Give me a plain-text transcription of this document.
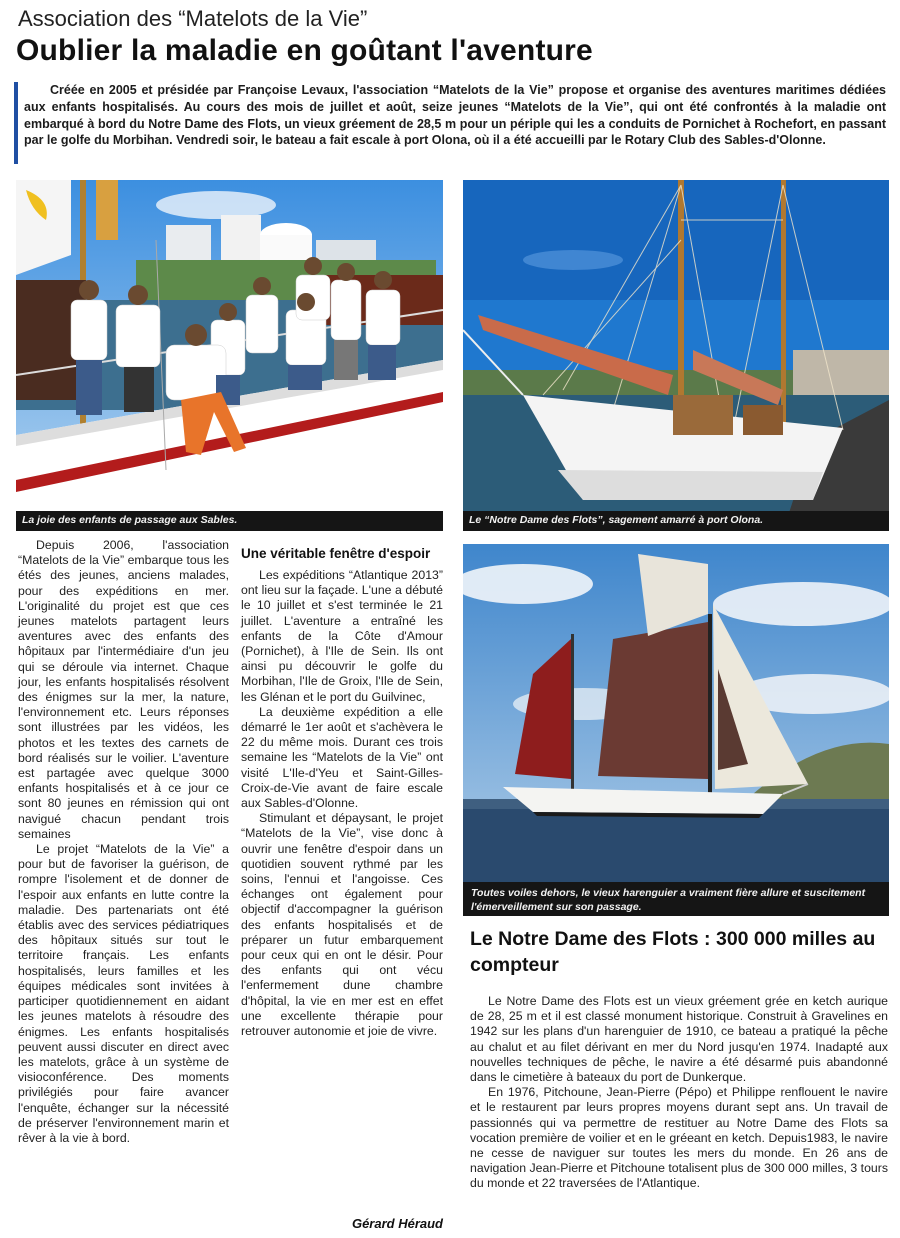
Association des “Matelots de la Vie”
Oublier la maladie en goûtant l'aventure
Créée en 2005 et présidée par Françoise Levaux, l'association “Matelots de la Vie” propose et organise des aventures maritimes dédiées aux enfants hospitalisés. Au cours des mois de juillet et août, seize jeunes “Matelots de la Vie”, qui ont été confrontés à la maladie ont embarqué à bord du Notre Dame des Flots, un vieux gréement de 28,5 m pour un périple qui les a conduits de Pornichet à Rochefort, en passant par le golfe du Morbihan. Vendredi soir, le bateau a fait escale à port Olona, où il a été accueilli par le Rotary Club des Sables-d'Olonne.
La joie des enfants de passage aux Sables.	Le “Notre Dame des Flots”, sagement amarré à port Olona.
Toutes voiles dehors, le vieux harenguier a vraiment fière allure et suscitement l'émerveillement sur son passage.

Depuis 2006, l'association “Matelots de la Vie” embarque tous les étés des jeunes, anciens malades, pour des expéditions en mer. L'originalité du projet est que ces jeunes matelots partagent leurs aventures avec des enfants des hôpitaux par l'intermédiaire d'un jeu qui se déroule via internet. Chaque jour, les enfants hospitalisés résolvent des énigmes sur la mer, la nature, l'environnement etc. Leurs réponses sont illustrées par les vidéos, les photos et les textes des carnets de bord réalisés sur le voilier. L'aventure est partagée avec quelque 3000 enfants hospitalisés et à ce jour ce sont 80 jeunes en rémission qui ont navigué chacun pendant trois semaines

Le projet “Matelots de la Vie” a pour but de favoriser la guérison, de rompre l'isolement et de donner de l'espoir aux enfants en lutte contre la maladie. Des partenariats ont été établis avec des services pédiatriques des hôpitaux situés sur tout le territoire français. Les enfants hospitalisés, leurs familles et les équipes médicales sont invitées à participer quotidiennement en aidant les jeunes matelots à résoudre des énigmes. Les enfants hospitalisés peuvent aussi discuter en direct avec les matelots, grâce à un système de visioconférence. Des moments privilégiés pour faire avancer l'enquête, échanger sur la nécessité de préserver l'environnement marin et rêver à la vie à bord.

Une véritable fenêtre d'espoir

Les expéditions “Atlantique 2013” ont lieu sur la façade. L'une a débuté le 10 juillet et s'est terminée le 21 juillet. L'aventure a entraîné les enfants de la Côte d'Amour (Pornichet), à l'Ile de Sein. Ils ont ainsi pu découvrir le golfe du Morbihan, l'Ile de Groix, l'Ile de Sein, les Glénan et le port du Guilvinec,

La deuxième expédition a elle démarré le 1er août et s'achèvera le 22 du même mois. Durant ces trois semaine les “Matelots de la Vie” ont visité L'Ile-d'Yeu et Saint-Gilles-Croix-de-Vie avant de faire escale aux Sables-d'Olonne.

Stimulant et dépaysant, le projet “Matelots de la Vie”, vise donc à ouvrir une fenêtre d'espoir dans un quotidien souvent rythmé par les soins, l'ennui et l'angoisse. Ces échanges ont également pour objectif d'accompagner la guérison des enfants hospitalisés et de préparer un futur embarquement pour ceux qui en ont le désir. Pour des enfants qui ont vécu l'enfermement dune chambre d'hôpital, la vie en mer est en effet une excellente thérapie pour retrouver autonomie et joie de vivre.

Gérard Héraud
Le Notre Dame des Flots : 300 000 milles au compteur

Le Notre Dame des Flots est un vieux gréement grée en ketch aurique de 28, 25 m et il est classé monument historique. Construit à Gravelines en 1942 sur les plans d'un harenguier de 1910, ce bateau a pratiqué la pêche au chalut et au filet dérivant en mer du Nord jusqu'en 1974. Inadapté aux nouvelles techniques de pêche, le navire a été désarmé puis abandonné dans le cimetière à bateaux du port de Dunkerque.

En 1976, Pitchoune, Jean-Pierre (Pépo) et Philippe renflouent le navire et le restaurent par leurs propres moyens durant sept ans. Un travail de passionnés qui va permettre de restituer au Notre Dame des Flots sa vocation première de voilier et en le gréeant en ketch. Depuis1983, le navire ne cesse de naviguer sur toutes les mers du monde. En 26 ans de navigation Jean-Pierre et Pitchoune totalisent plus de 300 000 milles, 3 tours du monde et 22 traversées de l'Atlantique.
